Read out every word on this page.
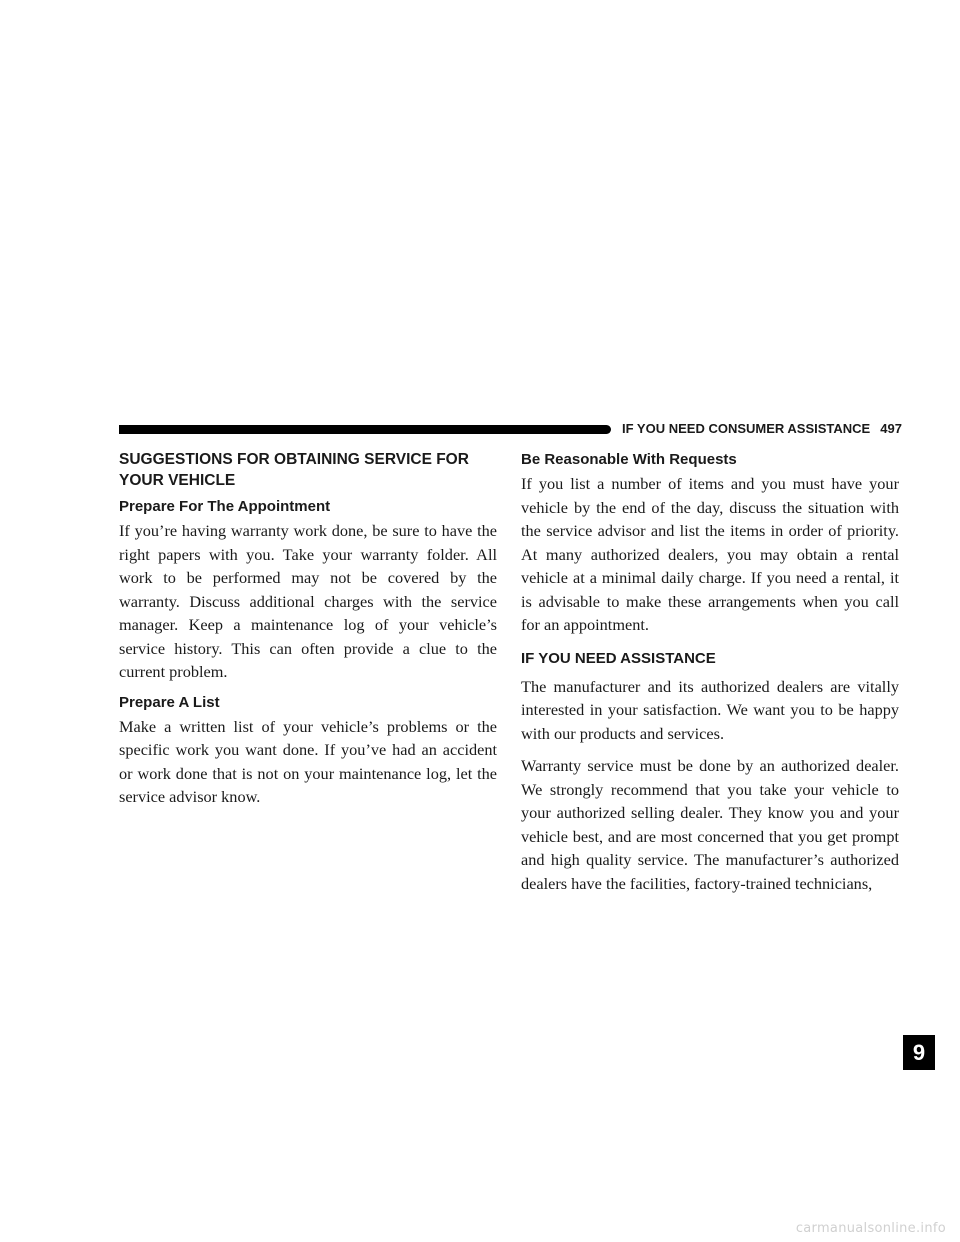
IF YOU NEED CONSUMER ASSISTANCE 497
SUGGESTIONS FOR OBTAINING SERVICE FOR YOUR VEHICLE
Prepare For The Appointment

If you’re having warranty work done, be sure to have the right papers with you. Take your warranty folder. All work to be performed may not be covered by the warranty. Discuss additional charges with the service manager. Keep a maintenance log of your vehicle’s service history. This can often provide a clue to the current problem.

Prepare A List

Make a written list of your vehicle’s problems or the specific work you want done. If you’ve had an accident or work done that is not on your maintenance log, let the service advisor know.

Be Reasonable With Requests

If you list a number of items and you must have your vehicle by the end of the day, discuss the situation with the service advisor and list the items in order of priority. At many authorized dealers, you may obtain a rental vehicle at a minimal daily charge. If you need a rental, it is advisable to make these arrangements when you call for an appointment.

IF YOU NEED ASSISTANCE

The manufacturer and its authorized dealers are vitally interested in your satisfaction. We want you to be happy with our products and services.

Warranty service must be done by an authorized dealer. We strongly recommend that you take your vehicle to your authorized selling dealer. They know you and your vehicle best, and are most concerned that you get prompt and high quality service. The manufacturer’s authorized dealers have the facilities, factory-trained technicians,

9
carmanualsonline.info
